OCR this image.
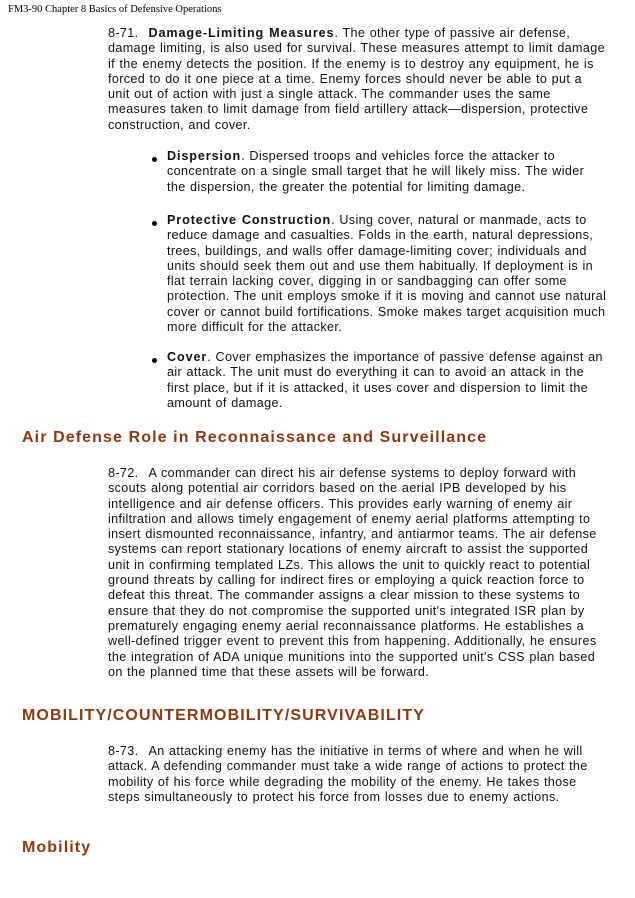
FM3-90 Chapter 8 Basics of Defensive Operations

8-71. Damage-Limiting Measures. The other type of passive air defense, damage limiting, is also used for survival. These measures attempt to limit damage if the enemy detects the position. If the enemy is to destroy any equipment, he is forced to do it one piece at a time. Enemy forces should never be able to put a unit out of action with just a single attack. The commander uses the same measures taken to limit damage from field artillery attack—dispersion, protective construction, and cover.

Dispersion. Dispersed troops and vehicles force the attacker to concentrate on a single small target that he will likely miss. The wider the dispersion, the greater the potential for limiting damage.

Protective Construction. Using cover, natural or manmade, acts to reduce damage and casualties. Folds in the earth, natural depressions, trees, buildings, and walls offer damage-limiting cover; individuals and units should seek them out and use them habitually. If deployment is in flat terrain lacking cover, digging in or sandbagging can offer some protection. The unit employs smoke if it is moving and cannot use natural cover or cannot build fortifications. Smoke makes target acquisition much more difficult for the attacker.

Cover. Cover emphasizes the importance of passive defense against an air attack. The unit must do everything it can to avoid an attack in the first place, but if it is attacked, it uses cover and dispersion to limit the amount of damage.

Air Defense Role in Reconnaissance and Surveillance

8-72. A commander can direct his air defense systems to deploy forward with scouts along potential air corridors based on the aerial IPB developed by his intelligence and air defense officers. This provides early warning of enemy air infiltration and allows timely engagement of enemy aerial platforms attempting to insert dismounted reconnaissance, infantry, and antiarmor teams. The air defense systems can report stationary locations of enemy aircraft to assist the supported unit in confirming templated LZs. This allows the unit to quickly react to potential ground threats by calling for indirect fires or employing a quick reaction force to defeat this threat. The commander assigns a clear mission to these systems to ensure that they do not compromise the supported unit's integrated ISR plan by prematurely engaging enemy aerial reconnaissance platforms. He establishes a well-defined trigger event to prevent this from happening. Additionally, he ensures the integration of ADA unique munitions into the supported unit's CSS plan based on the planned time that these assets will be forward.

MOBILITY/COUNTERMOBILITY/SURVIVABILITY

8-73. An attacking enemy has the initiative in terms of where and when he will attack. A defending commander must take a wide range of actions to protect the mobility of his force while degrading the mobility of the enemy. He takes those steps simultaneously to protect his force from losses due to enemy actions.

Mobility
